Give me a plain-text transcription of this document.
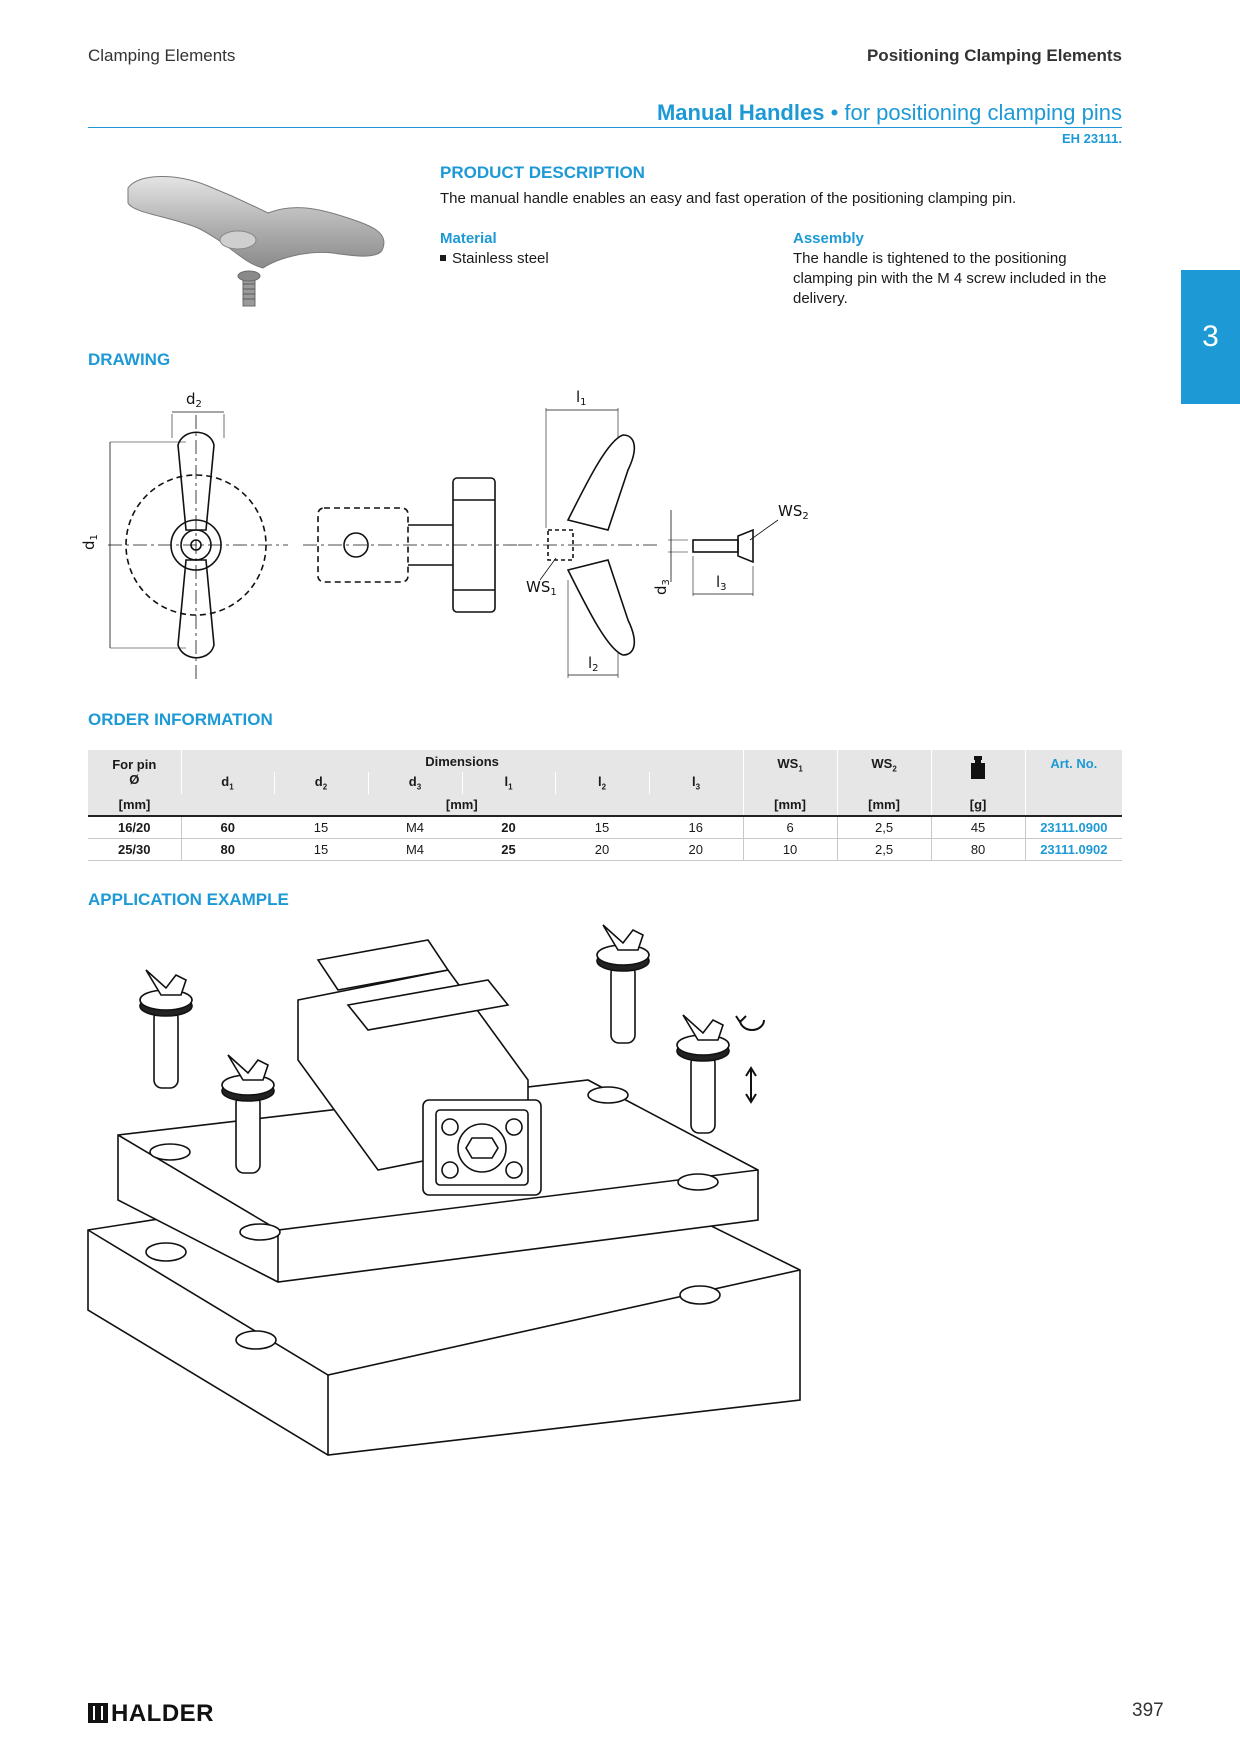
Clamping Elements	Positioning Clamping Elements
Manual Handles • for positioning clamping pins
EH 23111.
3
PRODUCT DESCRIPTION
The manual handle enables an easy and fast operation of the positioning clamping pin.
Material
Stainless steel
Assembly
The handle is tightened to the positioning clamping pin with the M 4 screw included in the delivery.
DRAWING
$d_1$
$d_2$
$d_3$
$l_1$
$l_2$
$l_3$
$WS_1$
$WS_2$
ORDER INFORMATION
For pin	Dimensions						$WS_1$	$WS_2$		Art. No.
Ø	$d_1$	$d_2$	$d_3$	$l_1$	$l_2$	$l_3$
[mm]	[mm]						[mm]	[mm]	[g]	
16/20	60	15	M4	20	15	16	6	2,5	45	23111.0900
25/30	80	15	M4	25	20	20	10	2,5	80	23111.0902
APPLICATION EXAMPLE
HALDER	397
